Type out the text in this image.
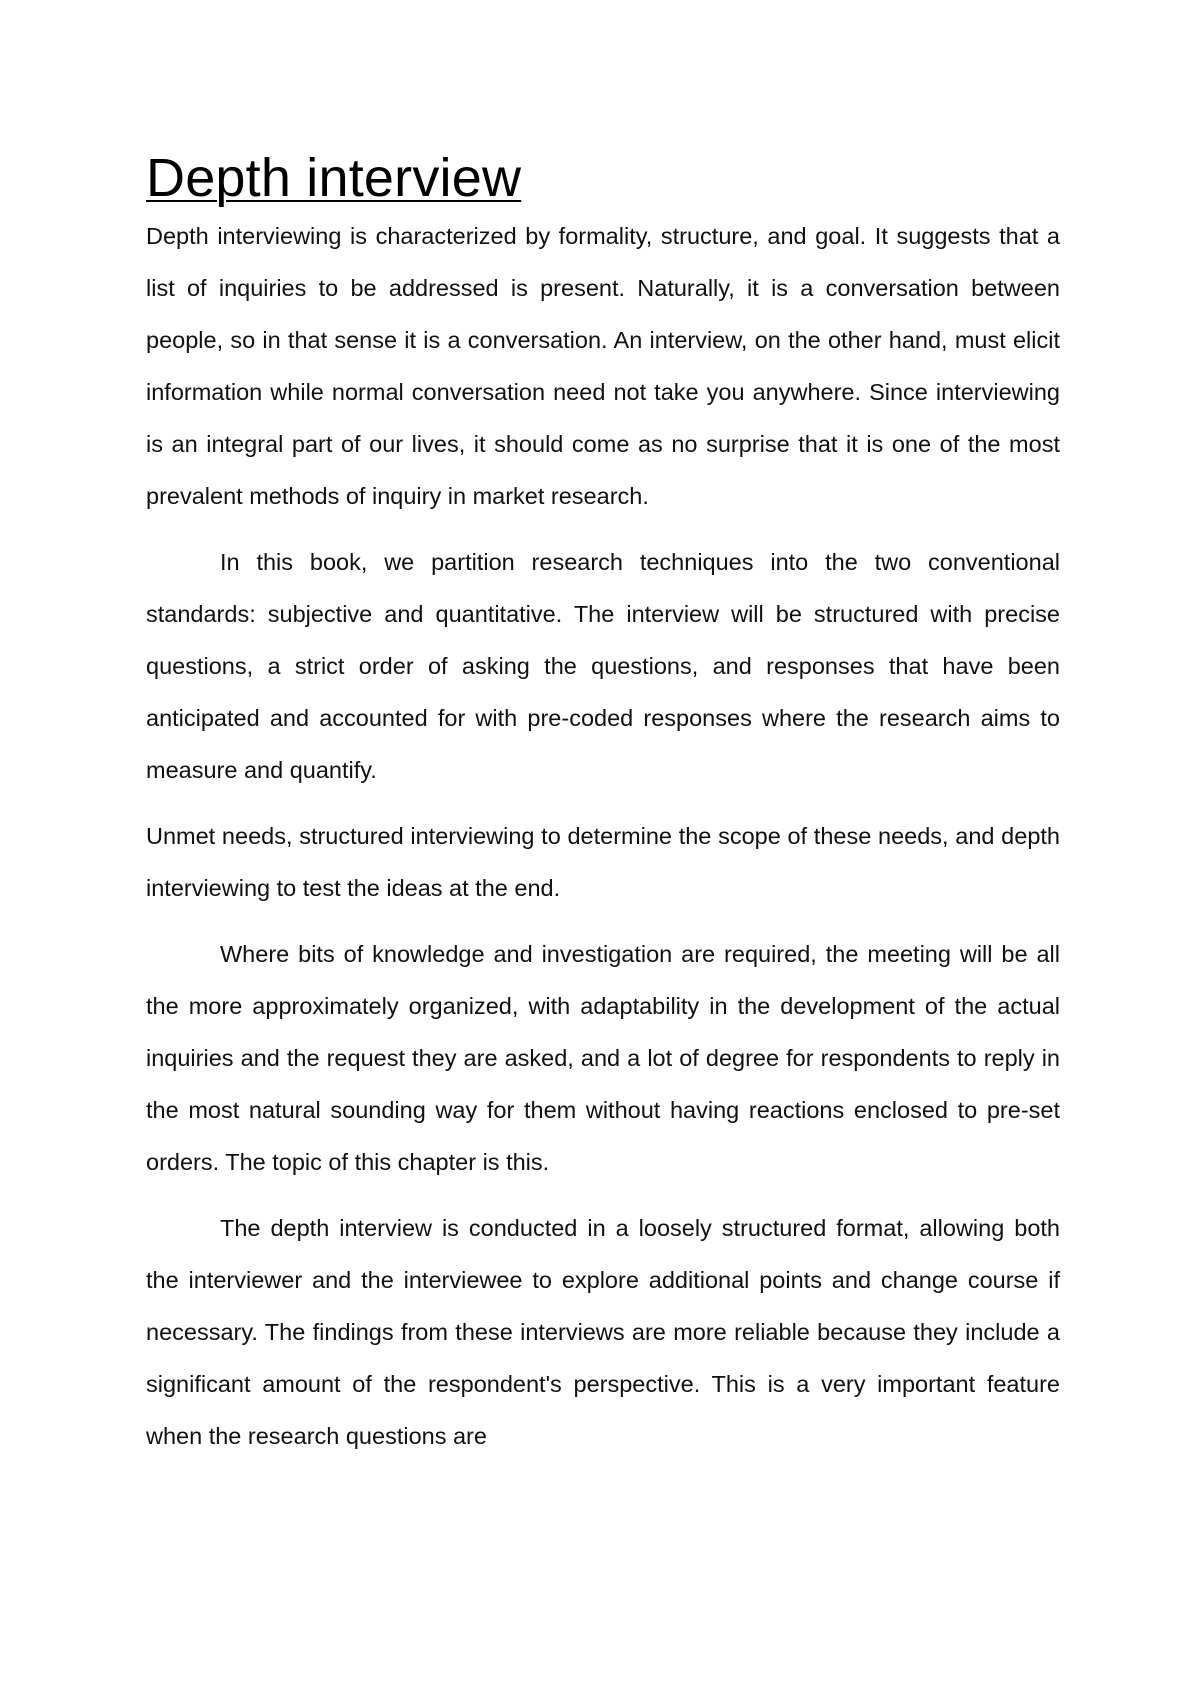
Depth interview

Depth interviewing is characterized by formality, structure, and goal. It suggests that a list of inquiries to be addressed is present. Naturally, it is a conversation between people, so in that sense it is a conversation. An interview, on the other hand, must elicit information while normal conversation need not take you anywhere. Since interviewing is an integral part of our lives, it should come as no surprise that it is one of the most prevalent methods of inquiry in market research.

In this book, we partition research techniques into the two conventional standards: subjective and quantitative. The interview will be structured with precise questions, a strict order of asking the questions, and responses that have been anticipated and accounted for with pre-coded responses where the research aims to measure and quantify.

Unmet needs, structured interviewing to determine the scope of these needs, and depth interviewing to test the ideas at the end.

Where bits of knowledge and investigation are required, the meeting will be all the more approximately organized, with adaptability in the development of the actual inquiries and the request they are asked, and a lot of degree for respondents to reply in the most natural sounding way for them without having reactions enclosed to pre-set orders. The topic of this chapter is this.

The depth interview is conducted in a loosely structured format, allowing both the interviewer and the interviewee to explore additional points and change course if necessary. The findings from these interviews are more reliable because they include a significant amount of the respondent's perspective. This is a very important feature when the research questions are
